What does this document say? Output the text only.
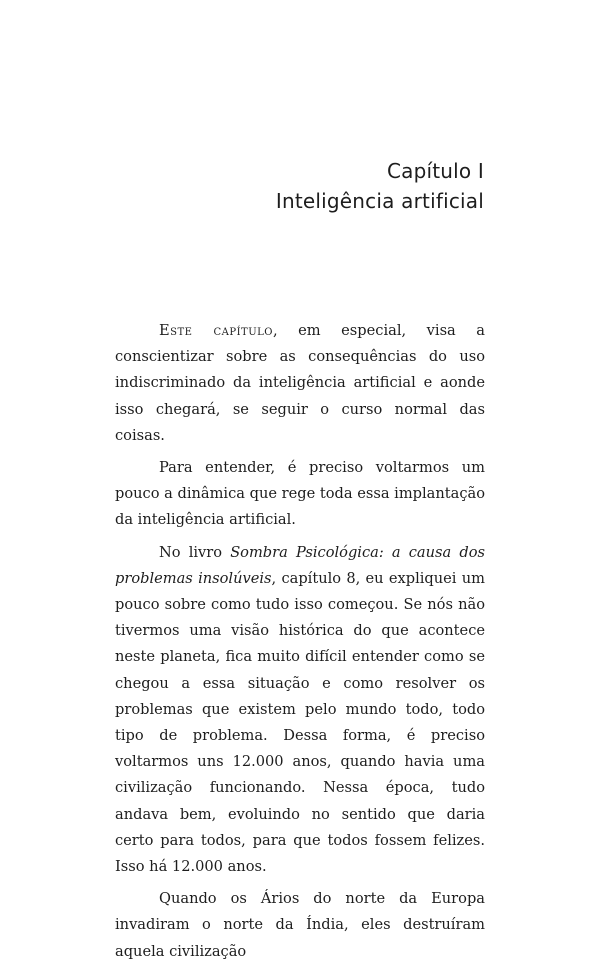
Capítulo I
Inteligência artificial

Este capítulo, em especial, visa a conscientizar sobre as consequências do uso indiscriminado da inteligência artificial e aonde isso chegará, se seguir o curso normal das coisas.

Para entender, é preciso voltarmos um pouco a dinâmica que rege toda essa implantação da inteligência artificial.

No livro Sombra Psicológica: a causa dos problemas insolúveis, capítulo 8, eu expliquei um pouco sobre como tudo isso começou. Se nós não tivermos uma visão histórica do que acontece neste planeta, fica muito difícil entender como se chegou a essa situação e como resolver os problemas que existem pelo mundo todo, todo tipo de problema. Dessa forma, é preciso voltarmos uns 12.000 anos, quando havia uma civilização funcionando. Nessa época, tudo andava bem, evoluindo no sentido que daria certo para todos, para que todos fossem felizes. Isso há 12.000 anos.

Quando os Ários do norte da Europa invadiram o norte da Índia, eles destruíram aquela civilização
